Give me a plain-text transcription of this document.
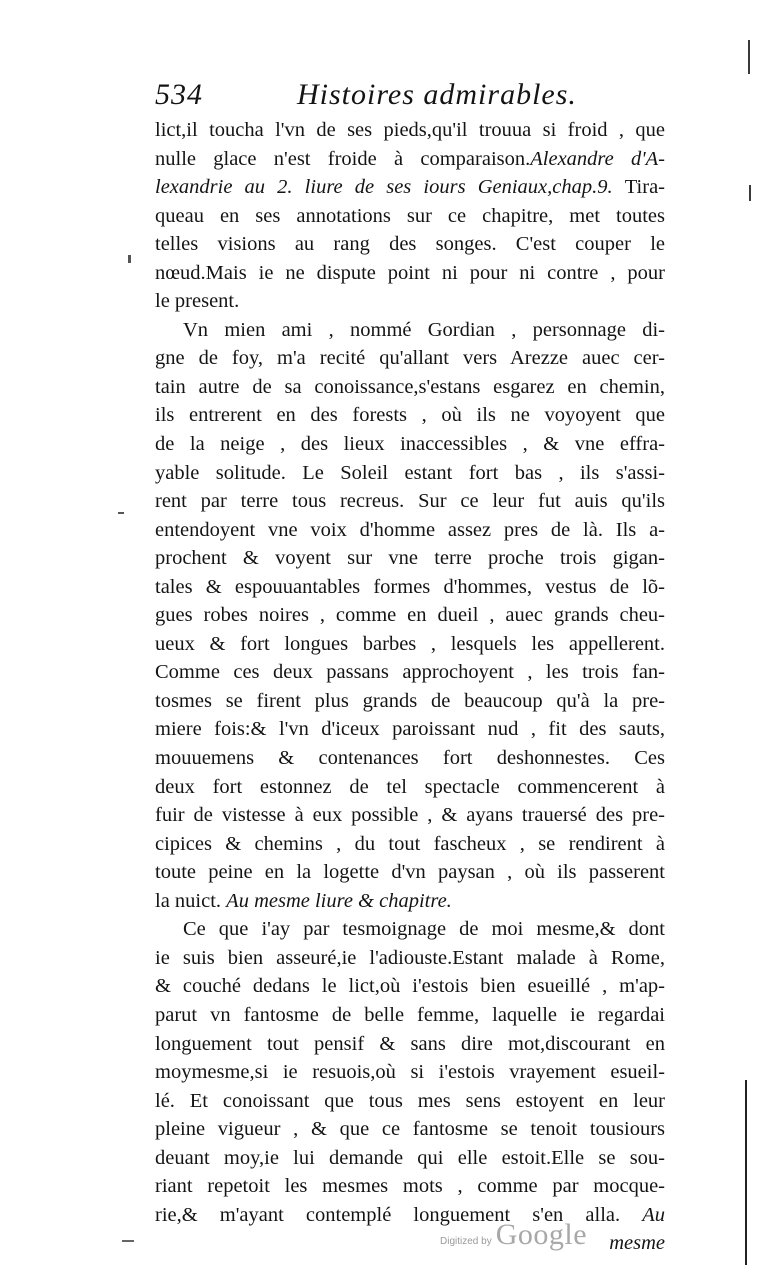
534	Histoires admirables.
lict,il toucha l'vn de ses pieds,qu'il trouua si froid , que
nulle glace n'est froide à comparaison.Alexandre d'A-
lexandrie au 2. liure de ses iours Geniaux,chap.9. Tira-
queau en ses annotations sur ce chapitre, met toutes
telles visions au rang des songes. C'est couper le
nœud.Mais ie ne dispute point ni pour ni contre , pour
le present.
Vn mien ami , nommé Gordian , personnage di-
gne de foy, m'a recité qu'allant vers Arezze auec cer-
tain autre de sa conoissance,s'estans esgarez en chemin,
ils entrerent en des forests , où ils ne voyoyent que
de la neige , des lieux inaccessibles , & vne effra-
yable solitude. Le Soleil estant fort bas , ils s'assi-
rent par terre tous recreus. Sur ce leur fut auis qu'ils
entendoyent vne voix d'homme assez pres de là. Ils a-
prochent & voyent sur vne terre proche trois gigan-
tales & espouuantables formes d'hommes, vestus de lõ-
gues robes noires , comme en dueil , auec grands cheu-
ueux & fort longues barbes , lesquels les appellerent.
Comme ces deux passans approchoyent , les trois fan-
tosmes se firent plus grands de beaucoup qu'à la pre-
miere fois:& l'vn d'iceux paroissant nud , fit des sauts,
mouuemens & contenances fort deshonnestes. Ces
deux fort estonnez de tel spectacle commencerent à
fuir de vistesse à eux possible , & ayans trauersé des pre-
cipices & chemins , du tout fascheux , se rendirent à
toute peine en la logette d'vn paysan , où ils passerent
la nuict. Au mesme liure & chapitre.
Ce que i'ay par tesmoignage de moi mesme,& dont
ie suis bien asseuré,ie l'adiouste.Estant malade à Rome,
& couché dedans le lict,où i'estois bien esueillé , m'ap-
parut vn fantosme de belle femme, laquelle ie regardai
longuement tout pensif & sans dire mot,discourant en
moymesme,si ie resuois,où si i'estois vrayement esueil-
lé. Et conoissant que tous mes sens estoyent en leur
pleine vigueur , & que ce fantosme se tenoit tousiours
deuant moy,ie lui demande qui elle estoit.Elle se sou-
riant repetoit les mesmes mots , comme par mocque-
rie,& m'ayant contemplé longuement s'en alla. Au
mesme
Digitized by Google
